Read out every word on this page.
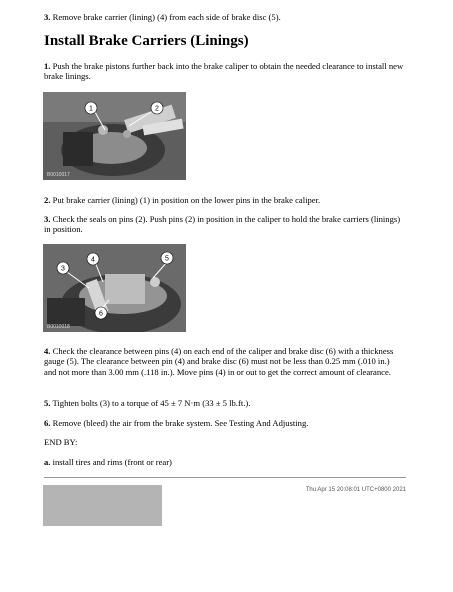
3. Remove brake carrier (lining) (4) from each side of brake disc (5).

Install Brake Carriers (Linings)

1. Push the brake pistons further back into the brake caliper to obtain the needed clearance to install new brake linings.

1	2
B0010017

2. Put brake carrier (lining) (1) in position on the lower pins in the brake caliper.

3. Check the seals on pins (2). Push pins (2) in position in the caliper to hold the brake carriers (linings) in position.

3
4	5
6
B0010018

4. Check the clearance between pins (4) on each end of the caliper and brake disc (6) with a thickness gauge (5). The clearance between pin (4) and brake disc (6) must not be less than 0.25 mm (.010 in.) and not more than 3.00 mm (.118 in.). Move pins (4) in or out to get the correct amount of clearance.

5. Tighten bolts (3) to a torque of 45 ± 7 N·m (33 ± 5 lb.ft.).

6. Remove (bleed) the air from the brake system. See Testing And Adjusting.

END BY:

a. install tires and rims (front or rear)

Thu Apr 15 20:08:01 UTC+0800 2021
